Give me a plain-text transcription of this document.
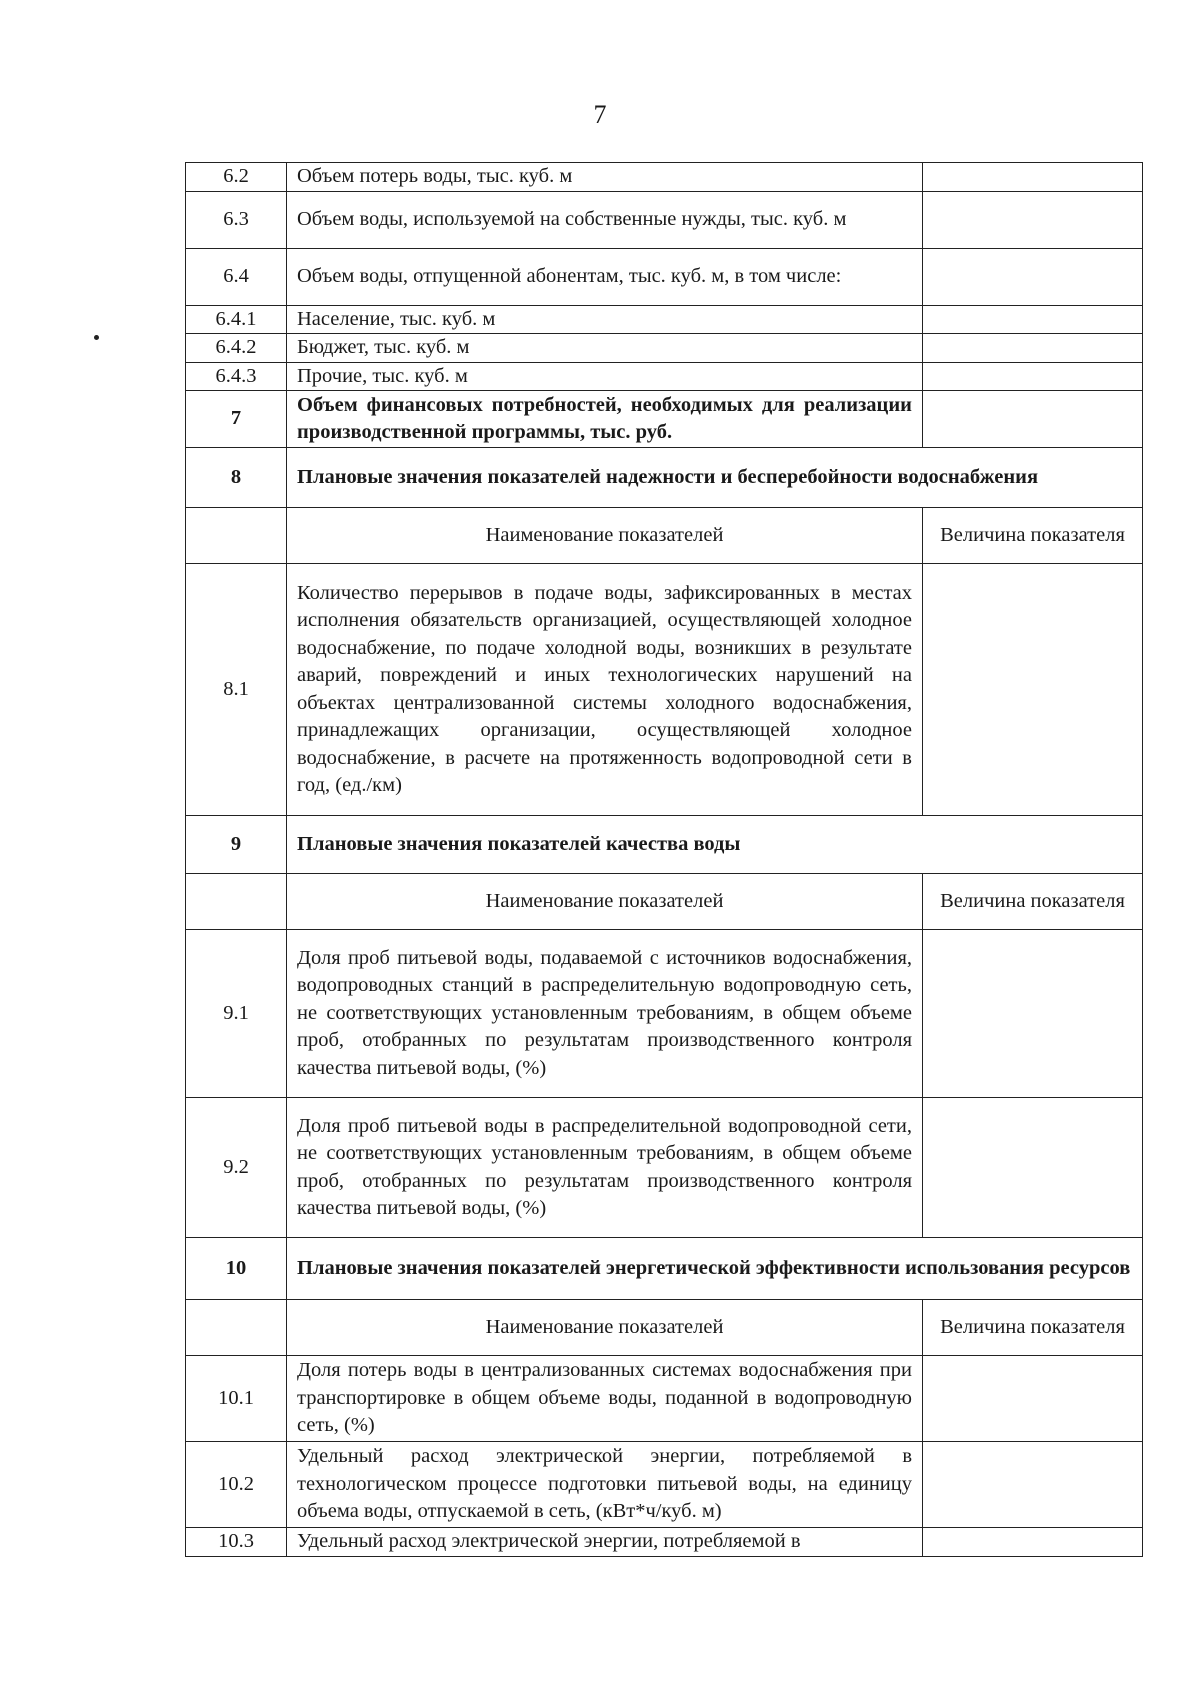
7
6.2	Объем потерь воды, тыс. куб. м	
6.3	Объем воды, используемой на собственные нужды, тыс. куб. м	
6.4	Объем воды, отпущенной абонентам, тыс. куб. м, в том числе:	
6.4.1	Население, тыс. куб. м	
6.4.2	Бюджет, тыс. куб. м	
6.4.3	Прочие, тыс. куб. м	
7	Объем финансовых потребностей, необходимых для реализации производственной программы, тыс. руб.	
8	Плановые значения показателей надежности и бесперебойности водоснабжения	
	Наименование показателей	Величина показателя
8.1	Количество перерывов в подаче воды, зафиксированных в местах исполнения обязательств организацией, осуществляющей холодное водоснабжение, по подаче холодной воды, возникших в результате аварий, повреждений и иных технологических нарушений на объектах централизованной системы холодного водоснабжения, принадлежащих организации, осуществляющей холодное водоснабжение, в расчете на протяженность водопроводной сети в год, (ед./км)	
9	Плановые значения показателей качества воды	
	Наименование показателей	Величина показателя
9.1	Доля проб питьевой воды, подаваемой с источников водоснабжения, водопроводных станций в распределительную водопроводную сеть, не соответствующих установленным требованиям, в общем объеме проб, отобранных по результатам производственного контроля качества питьевой воды, (%)	
9.2	Доля проб питьевой воды в распределительной водопроводной сети, не соответствующих установленным требованиям, в общем объеме проб, отобранных по результатам производственного контроля качества питьевой воды, (%)	
10	Плановые значения показателей энергетической эффективности использования ресурсов	
	Наименование показателей	Величина показателя
10.1	Доля потерь воды в централизованных системах водоснабжения при транспортировке в общем объеме воды, поданной в водопроводную сеть, (%)	
10.2	Удельный расход электрической энергии, потребляемой в технологическом процессе подготовки питьевой воды, на единицу объема воды, отпускаемой в сеть, (кВт*ч/куб. м)	
10.3	Удельный расход электрической энергии, потребляемой в	
